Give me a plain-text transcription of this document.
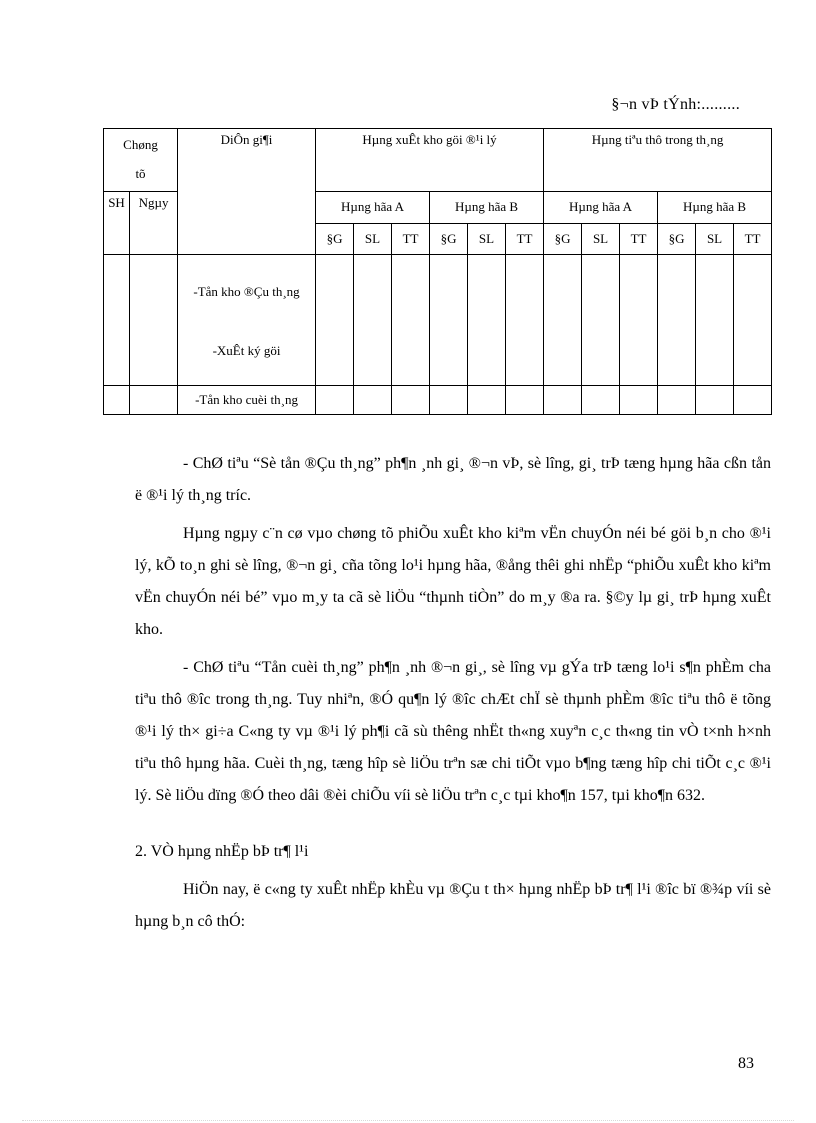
§¬n vÞ tÝnh:.........
Chøng
tõ		DiÔn gi¶i	Hµng xuÊt kho göi ®¹i lý						Hµng tiªu thô trong th¸ng					
SH	Ngµy		Hµng hãa A			Hµng hãa B			Hµng hãa A			Hµng hãa B		
			§G	SL	TT	§G	SL	TT	§G	SL	TT	§G	SL	TT

		-Tån kho ®Çu th¸ng
-XuÊt ký göi												

		-Tån kho cuèi th¸ng												

- ChØ tiªu “Sè tån ®Çu th¸ng” ph¶n ¸nh gi¸ ®¬n vÞ, sè lîng, gi¸ trÞ tæng hµng hãa cßn tån ë ®¹i lý th¸ng tríc.

Hµng ngµy c¨n cø vµo chøng tõ phiÕu xuÊt kho kiªm vËn chuyÓn néi bé göi b¸n cho ®¹i lý, kÕ to¸n ghi sè lîng, ®¬n gi¸ cña tõng lo¹i hµng hãa, ®ång thêi ghi nhËp “phiÕu xuÊt kho kiªm vËn chuyÓn néi bé” vµo m¸y ta cã sè liÖu “thµnh tiÒn” do m¸y ®a ra. §©y lµ gi¸ trÞ hµng xuÊt kho.

- ChØ tiªu “Tån cuèi th¸ng” ph¶n ¸nh ®¬n gi¸, sè lîng vµ gÝa trÞ tæng lo¹i s¶n phÈm cha tiªu thô ®îc trong th¸ng. Tuy nhiªn, ®Ó qu¶n lý ®îc chÆt chÏ sè thµnh phÈm ®îc tiªu thô ë tõng ®¹i lý th× gi÷a C«ng ty vµ ®¹i lý ph¶i cã sù thêng nhËt th«ng xuyªn c¸c th«ng tin vÒ t×nh h×nh tiªu thô hµng hãa. Cuèi th¸ng, tæng hîp sè liÖu trªn sæ chi tiÕt vµo b¶ng tæng hîp chi tiÕt c¸c ®¹i lý. Sè liÖu dïng ®Ó theo dâi ®èi chiÕu víi sè liÖu trªn c¸c tµi kho¶n 157, tµi kho¶n 632.

2. VÒ hµng nhËp bÞ tr¶ l¹i

HiÖn nay, ë c«ng ty xuÊt nhËp khÈu vµ ®Çu t th× hµng nhËp bÞ tr¶ l¹i ®îc bï ®¾p víi sè hµng b¸n cô thÓ:

83
